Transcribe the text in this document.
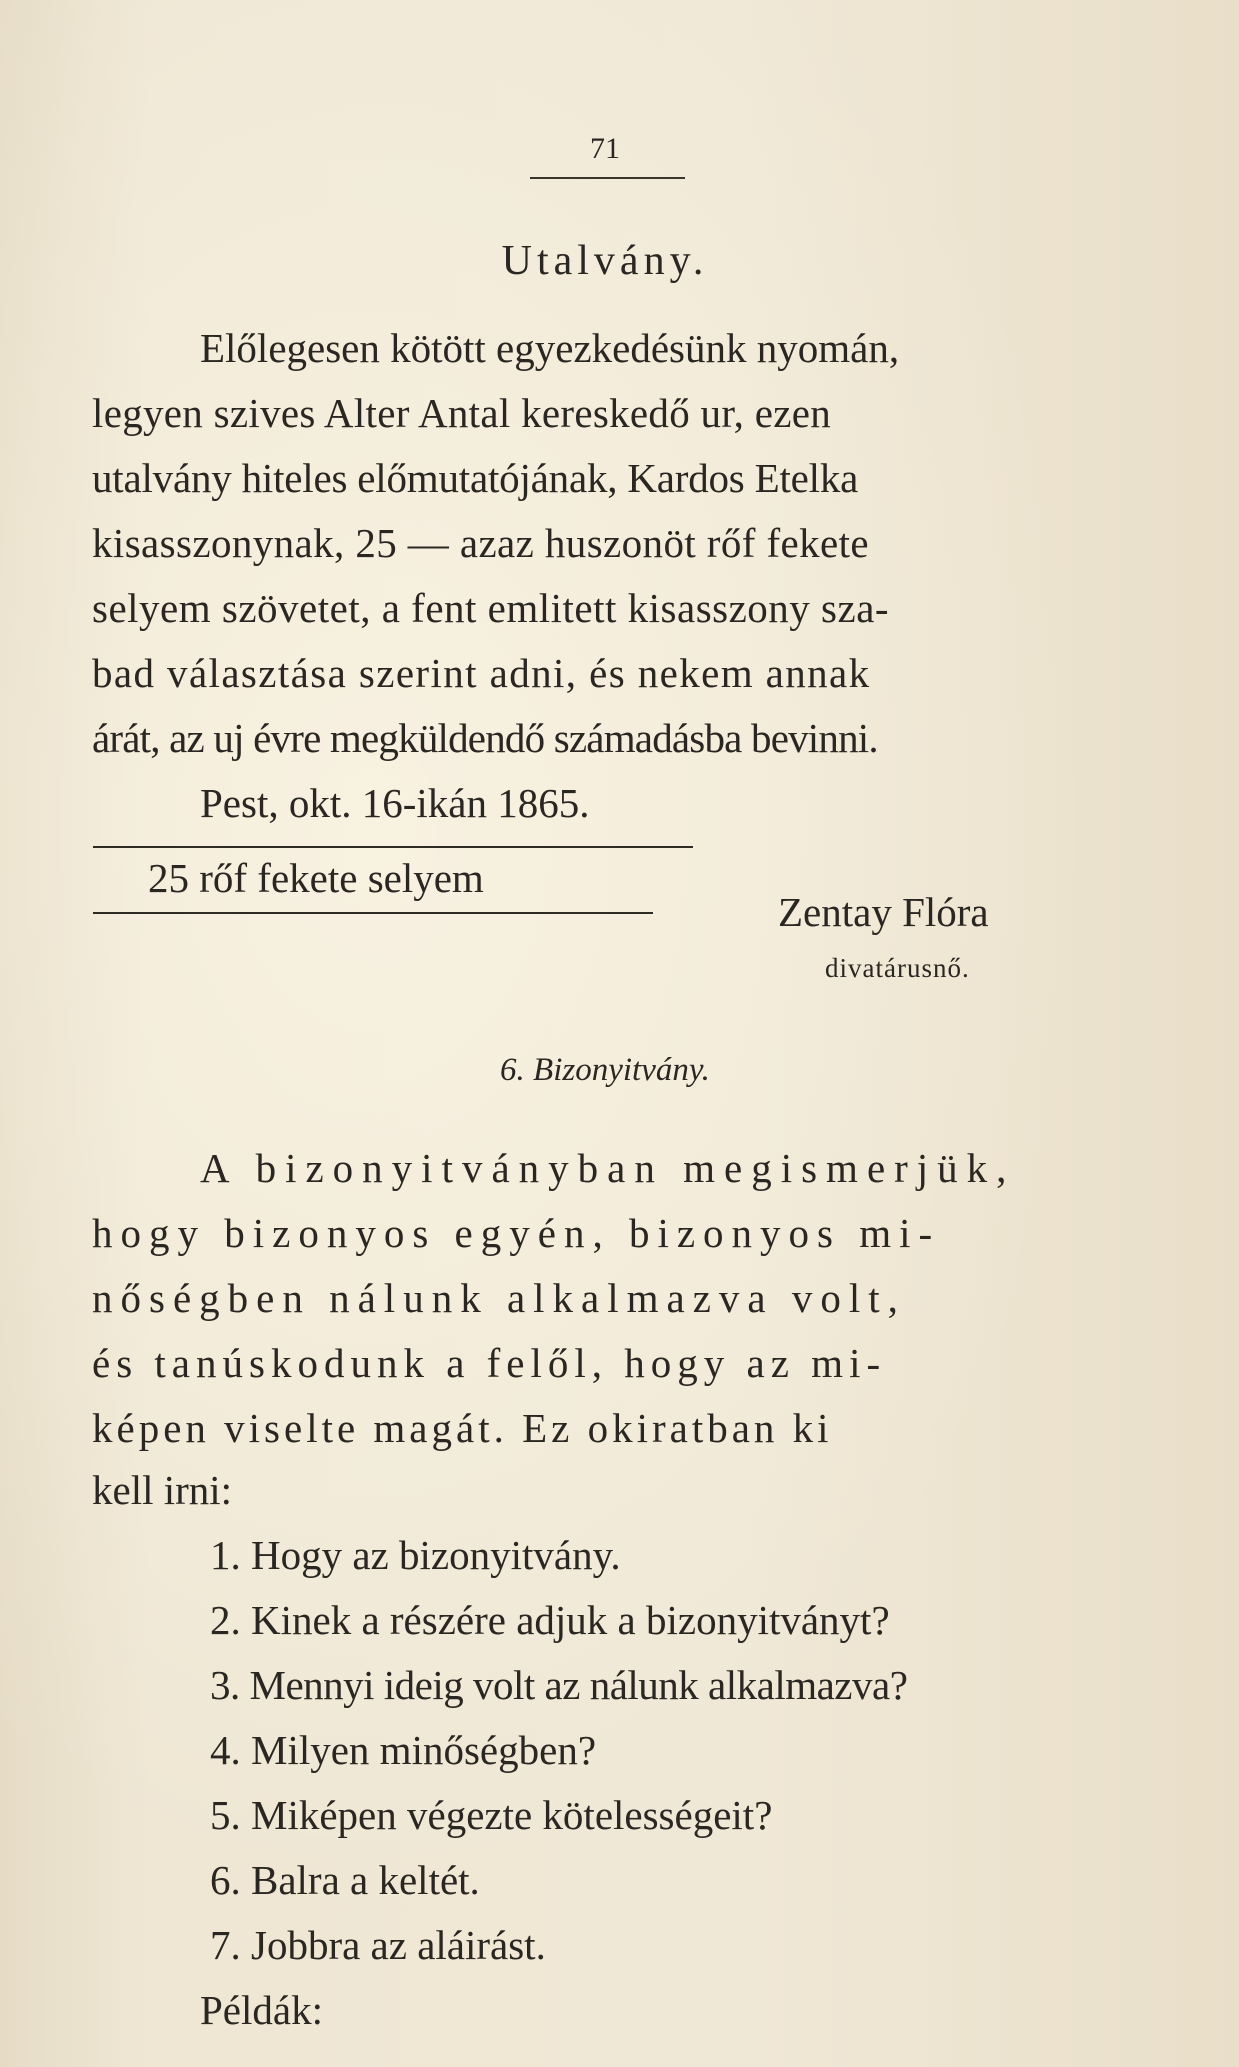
71
Utalvány.
Előlegesen kötött egyezkedésünk nyomán,
legyen szives Alter Antal kereskedő ur, ezen
utalvány hiteles előmutatójának, Kardos Etelka
kisasszonynak, 25 — azaz huszonöt rőf fekete
selyem szövetet, a fent emlitett kisasszony sza-
bad választása szerint adni, és nekem annak
árát, az uj évre megküldendő számadásba bevinni.
Pest, okt. 16-ikán 1865.
25 rőf fekete selyem
Zentay Flóra
divatárusnő.
6. Bizonyitvány.
A bizonyitványban megismerjük,
hogy bizonyos egyén, bizonyos mi-
nőségben nálunk alkalmazva volt,
és tanúskodunk a felől, hogy az mi-
képen viselte magát. Ez okiratban ki
kell irni:
1. Hogy az bizonyitvány.
2. Kinek a részére adjuk a bizonyitványt?
3. Mennyi ideig volt az nálunk alkalmazva?
4. Milyen minőségben?
5. Miképen végezte kötelességeit?
6. Balra a keltét.
7. Jobbra az aláirást.
Példák:
